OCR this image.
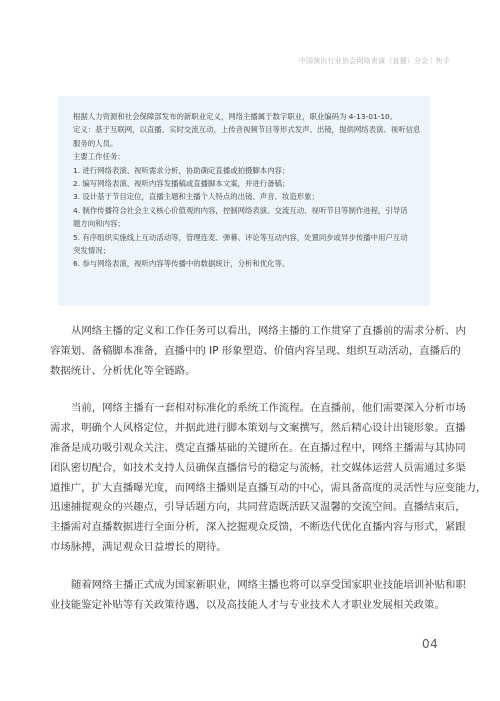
中国演出行业协会网络表演（直播）分会｜快手
根据人力资源和社会保障部发布的新职业定义，网络主播属于数字职业，职业编码为 4-13-01-10。
定义：基于互联网，以直播、实时交流互动、上传音视频节目等形式发声、出镜，提供网络表演、视听信息
服务的人员。
主要工作任务：
1. 进行网络表演、视听需求分析，协助确定直播或拍摄脚本内容；
2. 编写网络表演、视听内容发播稿或直播脚本文案，并进行备稿；
3. 设计基于节目定位，直播主题和主播个人特点的出镜、声音、妆造形象；
4. 制作传播符合社会主义核心价值观的内容，控制网络表演、交流互动、视听节目等制作进程，引导话
题方向和内容；
5. 有序组织实施线上互动活动等，管理连麦、弹幕、评论等互动内容，处置同步或异步传播中用户互动
突发情况；
6. 参与网络表演，视听内容等传播中的数据统计，分析和优化等。
从网络主播的定义和工作任务可以看出，网络主播的工作贯穿了直播前的需求分析、内
容策划、备稿脚本准备，直播中的 IP 形象塑造、价值内容呈现、组织互动活动，直播后的
数据统计、分析优化等全链路。
当前，网络主播有一套相对标准化的系统工作流程。在直播前，他们需要深入分析市场
需求，明确个人风格定位，并据此进行脚本策划与文案撰写，然后精心设计出镜形象。直播
准备是成功吸引观众关注、奠定直播基础的关键所在。在直播过程中，网络主播需与其协同
团队密切配合，如技术支持人员确保直播信号的稳定与流畅，社交媒体运营人员需通过多渠
道推广，扩大直播曝光度，而网络主播则是直播互动的中心，需具备高度的灵活性与应变能力，
迅速捕捉观众的兴趣点，引导话题方向，共同营造既活跃又温馨的交流空间。直播结束后，
主播需对直播数据进行全面分析，深入挖掘观众反馈，不断迭代优化直播内容与形式，紧跟
市场脉搏，满足观众日益增长的期待。
随着网络主播正式成为国家新职业，网络主播也将可以享受国家职业技能培训补贴和职
业技能鉴定补贴等有关政策待遇，以及高技能人才与专业技术人才职业发展相关政策。
04
